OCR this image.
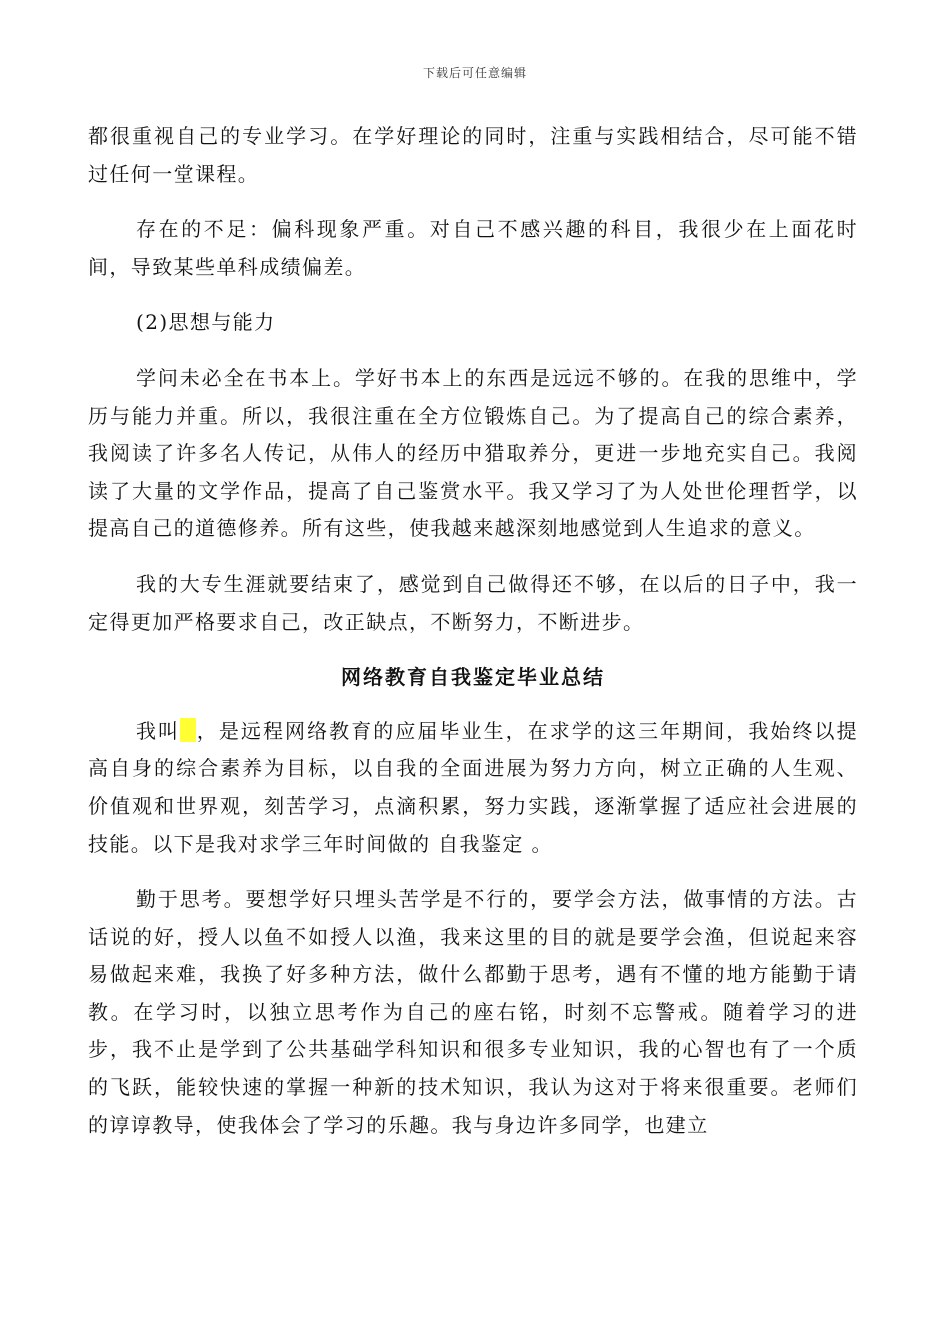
下载后可任意编辑

都很重视自己的专业学习。在学好理论的同时，注重与实践相结合，尽可能不错过任何一堂课程。

存在的不足：偏科现象严重。对自己不感兴趣的科目，我很少在上面花时间，导致某些单科成绩偏差。

(2)思想与能力

学问未必全在书本上。学好书本上的东西是远远不够的。在我的思维中，学历与能力并重。所以，我很注重在全方位锻炼自己。为了提高自己的综合素养，我阅读了许多名人传记，从伟人的经历中猎取养分，更进一步地充实自己。我阅读了大量的文学作品，提高了自己鉴赏水平。我又学习了为人处世伦理哲学，以提高自己的道德修养。所有这些，使我越来越深刻地感觉到人生追求的意义。

我的大专生涯就要结束了，感觉到自己做得还不够，在以后的日子中，我一定得更加严格要求自己，改正缺点，不断努力，不断进步。

网络教育自我鉴定毕业总结

我叫 ，是远程网络教育的应届毕业生，在求学的这三年期间，我始终以提高自身的综合素养为目标，以自我的全面进展为努力方向，树立正确的人生观、价值观和世界观，刻苦学习，点滴积累，努力实践，逐渐掌握了适应社会进展的技能。以下是我对求学三年时间做的 自我鉴定 。

勤于思考。要想学好只埋头苦学是不行的，要学会方法，做事情的方法。古话说的好，授人以鱼不如授人以渔，我来这里的目的就是要学会渔，但说起来容易做起来难，我换了好多种方法，做什么都勤于思考，遇有不懂的地方能勤于请教。在学习时，以独立思考作为自己的座右铭，时刻不忘警戒。随着学习的进步，我不止是学到了公共基础学科知识和很多专业知识，我的心智也有了一个质的飞跃，能较快速的掌握一种新的技术知识，我认为这对于将来很重要。老师们的谆谆教导，使我体会了学习的乐趣。我与身边许多同学，也建立
